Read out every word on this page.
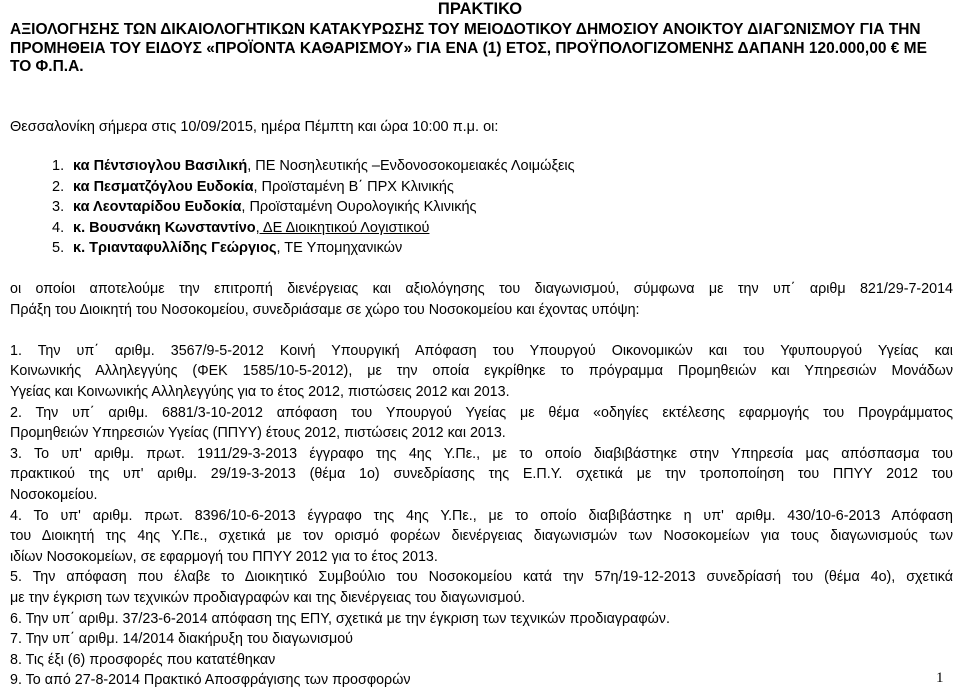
ΠΡΑΚΤΙΚΟ
ΑΞΙΟΛΟΓΗΣΗΣ ΤΩΝ ΔΙΚΑΙΟΛΟΓΗΤΙΚΩΝ ΚΑΤΑΚΥΡΩΣΗΣ ΤΟΥ ΜΕΙΟΔΟΤΙΚΟΥ ΔΗΜΟΣΙΟΥ ΑΝΟΙΚΤΟΥ ΔΙΑΓΩΝΙΣΜΟΥ ΓΙΑ ΤΗΝ ΠΡΟΜΗΘΕΙΑ ΤΟΥ ΕΙΔΟΥΣ «ΠΡΟΪΟΝΤΑ ΚΑΘΑΡΙΣΜΟΥ» ΓΙΑ ΕΝΑ (1) ΕΤΟΣ, ΠΡΟΫΠΟΛΟΓΙΖΟΜΕΝΗΣ ΔΑΠΑΝΗ 120.000,00 € ΜΕ ΤΟ Φ.Π.Α.
Θεσσαλονίκη σήμερα στις 10/09/2015, ημέρα Πέμπτη και ώρα 10:00 π.μ. οι:
1. κα Πέντσιογλου Βασιλική, ΠΕ Νοσηλευτικής –Ενδονοσοκομειακές Λοιμώξεις
2. κα Πεσματζόγλου Ευδοκία, Προϊσταμένη Β΄ ΠΡΧ Κλινικής
3. κα Λεονταρίδου Ευδοκία, Προϊσταμένη Ουρολογικής Κλινικής
4. κ. Βουσνάκη Κωνσταντίνο, ΔΕ Διοικητικού Λογιστικού
5. κ. Τριανταφυλλίδης Γεώργιος, ΤΕ Υπομηχανικών
οι οποίοι αποτελούμε την επιτροπή διενέργειας και αξιολόγησης του διαγωνισμού, σύμφωνα με την υπ΄ αριθμ 821/29-7-2014
Πράξη του Διοικητή του Νοσοκομείου, συνεδριάσαμε σε χώρο του Νοσοκομείου και έχοντας υπόψη:
1. Την υπ΄ αριθμ. 3567/9-5-2012 Κοινή Υπουργική Απόφαση του Υπουργού Οικονομικών και του Υφυπουργού Υγείας και
Κοινωνικής Αλληλεγγύης (ΦΕΚ 1585/10-5-2012), με την οποία εγκρίθηκε το πρόγραμμα Προμηθειών και Υπηρεσιών Μονάδων
Υγείας και Κοινωνικής Αλληλεγγύης για το έτος 2012, πιστώσεις 2012 και 2013.
2. Την υπ΄ αριθμ. 6881/3-10-2012 απόφαση του Υπουργού Υγείας με θέμα «οδηγίες εκτέλεσης εφαρμογής του Προγράμματος
Προμηθειών Υπηρεσιών Υγείας (ΠΠΥΥ) έτους 2012, πιστώσεις 2012 και 2013.
3. Το υπ' αριθμ. πρωτ. 1911/29-3-2013 έγγραφο της 4ης Υ.Πε., με το οποίο διαβιβάστηκε στην Υπηρεσία μας απόσπασμα του
πρακτικού της υπ' αριθμ. 29/19-3-2013 (θέμα 1ο) συνεδρίασης της Ε.Π.Υ. σχετικά με την τροποποίηση του ΠΠΥΥ 2012 του
Νοσοκομείου.
4. Το υπ' αριθμ. πρωτ. 8396/10-6-2013 έγγραφο της 4ης Υ.Πε., με το οποίο διαβιβάστηκε η υπ' αριθμ. 430/10-6-2013 Απόφαση
του Διοικητή της 4ης Υ.Πε., σχετικά με τον ορισμό φορέων διενέργειας διαγωνισμών των Νοσοκομείων για τους διαγωνισμούς των
ιδίων Νοσοκομείων, σε εφαρμογή του ΠΠΥΥ 2012 για το έτος 2013.
5. Την απόφαση που έλαβε το Διοικητικό Συμβούλιο του Νοσοκομείου κατά την 57η/19-12-2013 συνεδρίασή του (θέμα 4ο), σχετικά
με την έγκριση των τεχνικών προδιαγραφών και της διενέργειας του διαγωνισμού.
6. Την υπ΄ αριθμ. 37/23-6-2014 απόφαση της ΕΠΥ, σχετικά με την έγκριση των τεχνικών προδιαγραφών.
7. Την υπ΄ αριθμ. 14/2014 διακήρυξη του διαγωνισμού
8. Τις έξι (6) προσφορές που κατατέθηκαν
9. Το από 27-8-2014 Πρακτικό Αποσφράγισης των προσφορών	1
